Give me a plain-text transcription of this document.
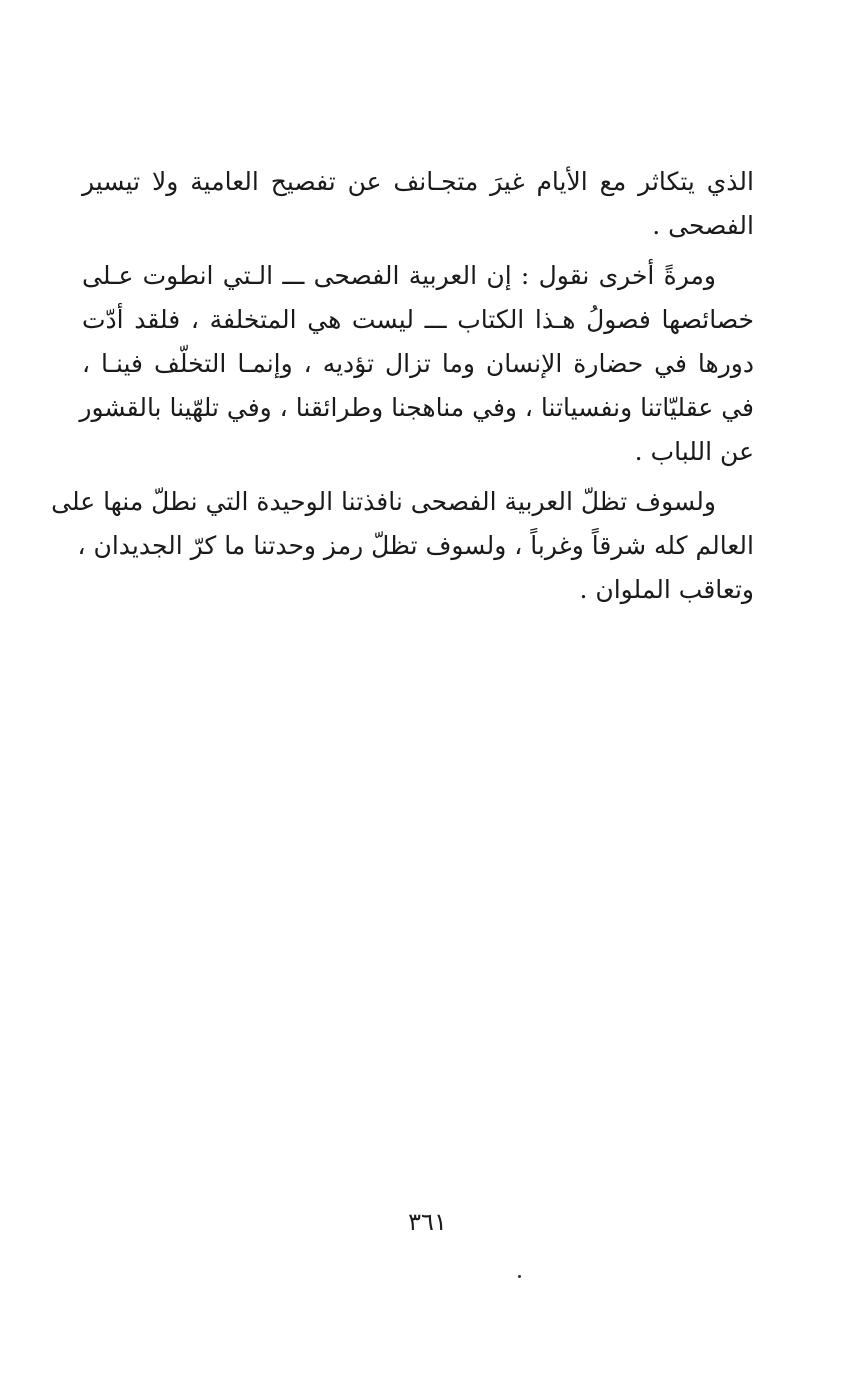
الذي يتكاثر مع الأيام غيرَ متجـانف عن تفصيح العامية ولا تيسير
الفصحى .

ومرةً أخرى نقول : إن العربية الفصحى ـــ الـتي انطوت عـلى
خصائصها فصولُ هـذا الكتاب ـــ ليست هي المتخلفة ، فلقد أدّت
دورها في حضارة الإنسان وما تزال تؤديه ، وإنمـا التخلّف فينـا ،
في عقليّاتنا ونفسياتنا ، وفي مناهجنا وطرائقنا ، وفي تلهّينا بالقشور
عن اللباب .

ولسوف تظلّ العربية الفصحى نافذتنا الوحيدة التي نطلّ منها على
العالم كله شرقاً وغرباً ، ولسوف تظلّ رمز وحدتنا ما كرّ الجديدان ،
وتعاقب الملوان .

٣٦١
